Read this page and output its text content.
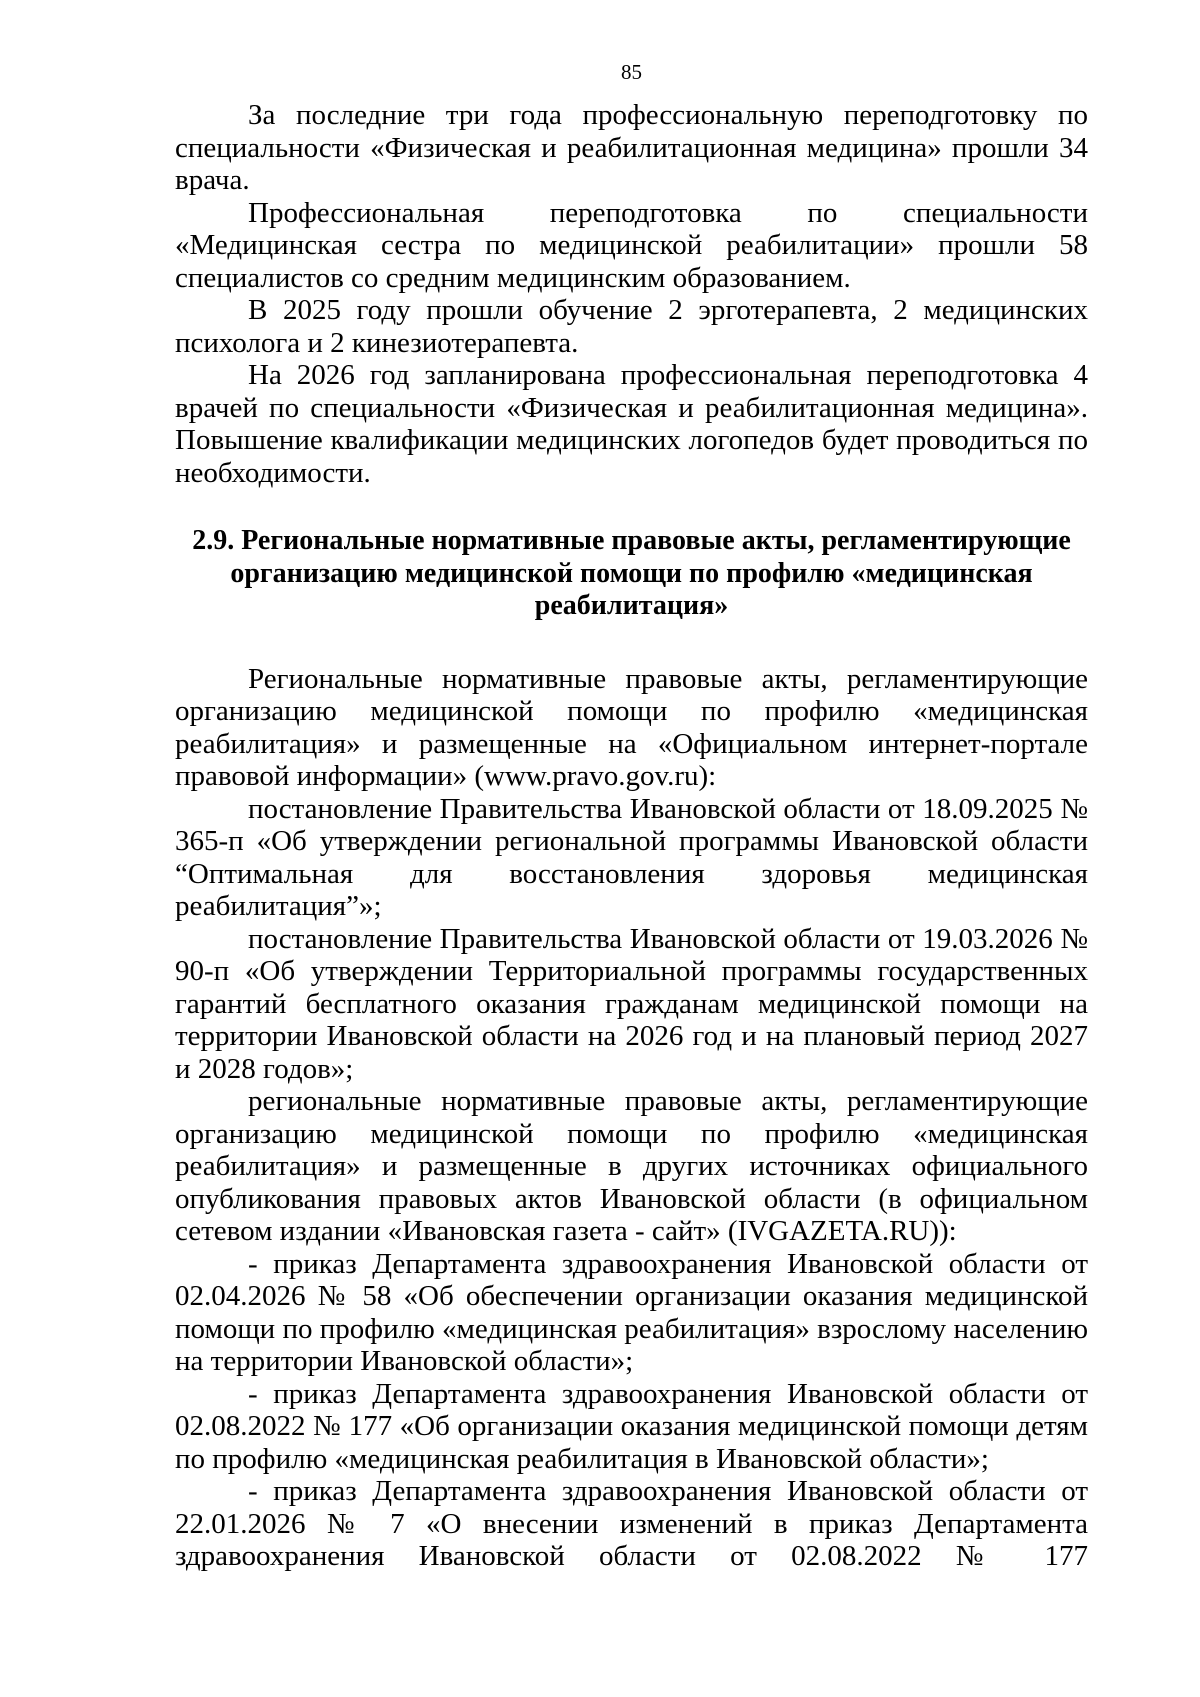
85

За последние три года профессиональную переподготовку по специальности «Физическая и реабилитационная медицина» прошли 34 врача.

Профессиональная переподготовка по специальности «Медицинская сестра по медицинской реабилитации» прошли 58 специалистов со средним медицинским образованием.

В 2025 году прошли обучение 2 эрготерапевта, 2 медицинских психолога и 2 кинезиотерапевта.

На 2026 год запланирована профессиональная переподготовка 4 врачей по специальности «Физическая и реабилитационная медицина». Повышение квалификации медицинских логопедов будет проводиться по необходимости.

2.9. Региональные нормативные правовые акты, регламентирующие организацию медицинской помощи по профилю «медицинская реабилитация»

Региональные нормативные правовые акты, регламентирующие организацию медицинской помощи по профилю «медицинская реабилитация» и размещенные на «Официальном интернет-портале правовой информации» (www.pravo.gov.ru):

постановление Правительства Ивановской области от 18.09.2025 № 365-п «Об утверждении региональной программы Ивановской области “Оптимальная для восстановления здоровья медицинская реабилитация”»;

постановление Правительства Ивановской области от 19.03.2026 № 90-п «Об утверждении Территориальной программы государственных гарантий бесплатного оказания гражданам медицинской помощи на территории Ивановской области на 2026 год и на плановый период 2027 и 2028 годов»;

региональные нормативные правовые акты, регламентирующие организацию медицинской помощи по профилю «медицинская реабилитация» и размещенные в других источниках официального опубликования правовых актов Ивановской области (в официальном сетевом издании «Ивановская газета - сайт» (IVGAZETA.RU)):

- приказ Департамента здравоохранения Ивановской области от 02.04.2026 № 58 «Об обеспечении организации оказания медицинской помощи по профилю «медицинская реабилитация» взрослому населению на территории Ивановской области»;

- приказ Департамента здравоохранения Ивановской области от 02.08.2022 № 177 «Об организации оказания медицинской помощи детям по профилю «медицинская реабилитация в Ивановской области»;

- приказ Департамента здравоохранения Ивановской области от 22.01.2026 № 7 «О внесении изменений в приказ Департамента здравоохранения Ивановской области от 02.08.2022 № 177
